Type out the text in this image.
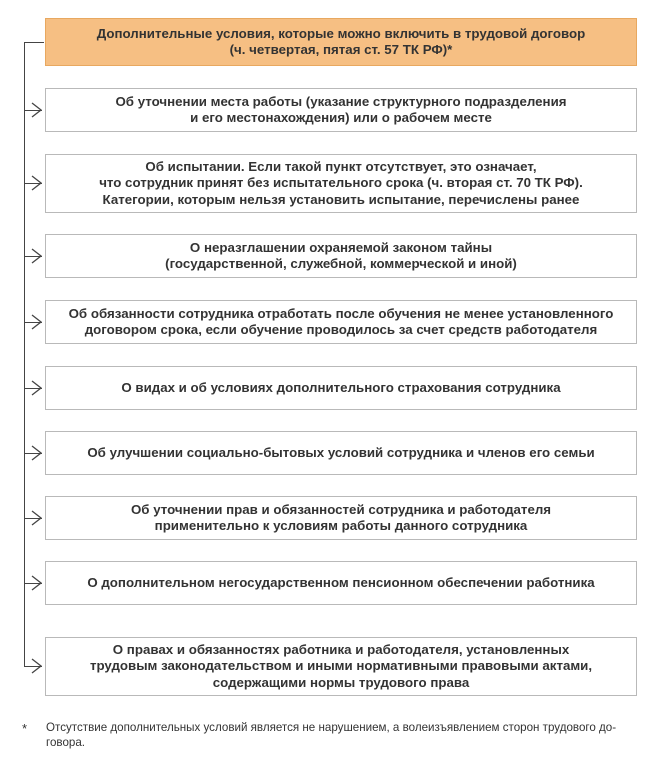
Дополнительные условия, которые можно включить в трудовой договор
(ч. четвертая, пятая ст. 57 ТК РФ)*
Об уточнении места работы (указание структурного подразделения
и его местонахождения) или о рабочем месте
Об испытании. Если такой пункт отсутствует, это означает,
что сотрудник принят без испытательного срока (ч. вторая ст. 70 ТК РФ).
Категории, которым нельзя установить испытание, перечислены ранее
О неразглашении охраняемой законом тайны
(государственной, служебной, коммерческой и иной)
Об обязанности сотрудника отработать после обучения не менее установленного
договором срока, если обучение проводилось за счет средств работодателя
О видах и об условиях дополнительного страхования сотрудника
Об улучшении социально-бытовых условий сотрудника и членов его семьи
Об уточнении прав и обязанностей сотрудника и работодателя
применительно к условиям работы данного сотрудника
О дополнительном негосударственном пенсионном обеспечении работника
О правах и обязанностях работника и работодателя, установленных
трудовым законодательством и иными нормативными правовыми актами,
содержащими нормы трудового права
* Отсутствие дополнительных условий является не нарушением, а волеизъявлением сторон трудового до-
говора.
